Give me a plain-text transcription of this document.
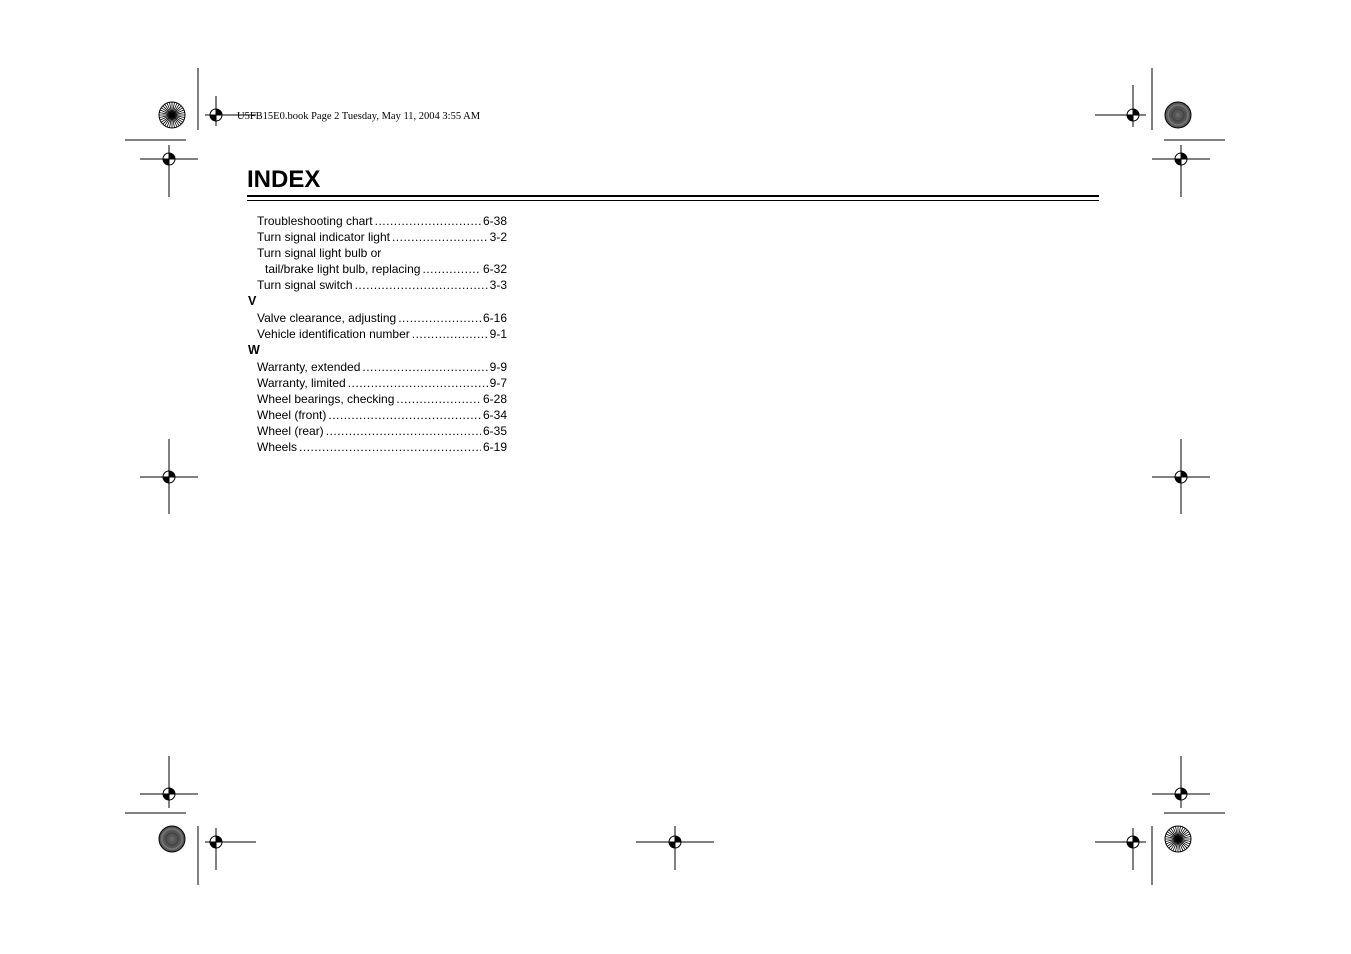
U5FB15E0.book Page 2 Tuesday, May 11, 2004 3:55 AM
INDEX
Troubleshooting chart .....	6-38
Turn signal indicator light .....	3-2
Turn signal light bulb or
tail/brake light bulb, replacing .....	6-32
Turn signal switch .....	3-3
V
Valve clearance, adjusting .....	6-16
Vehicle identification number .....	9-1
W
Warranty, extended .....	9-9
Warranty, limited .....	9-7
Wheel bearings, checking .....	6-28
Wheel (front) .....	6-34
Wheel (rear) .....	6-35
Wheels .....	6-19
